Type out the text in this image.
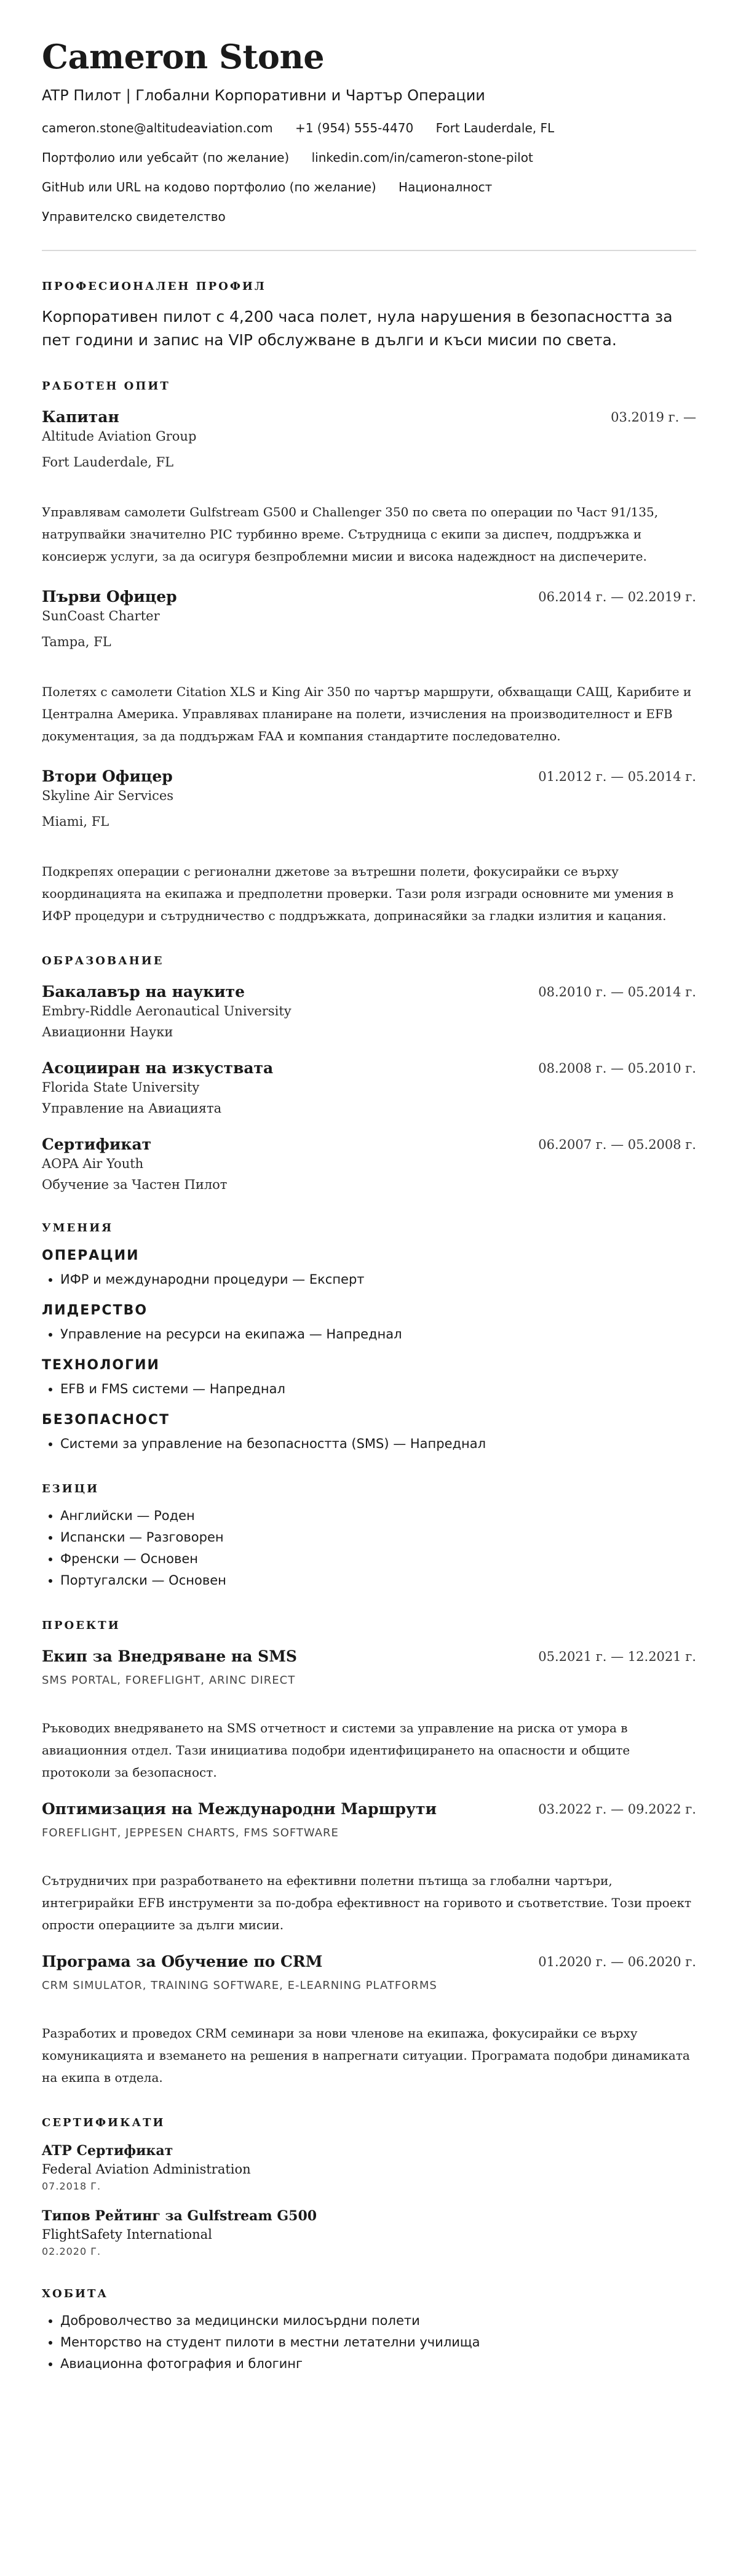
Cameron Stone
ATP Пилот | Глобални Корпоративни и Чартър Операции
cameron.stone@altitudeaviation.com +1 (954) 555-4470 Fort Lauderdale, FL
Портфолио или уебсайт (по желание) linkedin.com/in/cameron-stone-pilot
GitHub или URL на кодово портфолио (по желание) Националност
Управителско свидетелство
ПРОФЕСИОНАЛЕН ПРОФИЛ
Корпоративен пилот с 4,200 часа полет, нула нарушения в безопасността за пет години и запис на VIP обслужване в дълги и къси мисии по света.
РАБОТЕН ОПИТ
Капитан	03.2019 г. —
Altitude Aviation Group
Fort Lauderdale, FL
Управлявам самолети Gulfstream G500 и Challenger 350 по света по операции по Част 91/135, натрупвайки значително PIC турбинно време. Сътрудница с екипи за диспеч, поддръжка и консиерж услуги, за да осигуря безпроблемни мисии и висока надеждност на диспечерите.
Първи Офицер	06.2014 г. — 02.2019 г.
SunCoast Charter
Tampa, FL
Полетях с самолети Citation XLS и King Air 350 по чартър маршрути, обхващащи САЩ, Карибите и Централна Америка. Управлявах планиране на полети, изчисления на производителност и EFB документация, за да поддържам FAA и компания стандартите последователно.
Втори Офицер	01.2012 г. — 05.2014 г.
Skyline Air Services
Miami, FL
Подкрепях операции с регионални джетове за вътрешни полети, фокусирайки се върху координацията на екипажа и предполетни проверки. Тази роля изгради основните ми умения в ИФР процедури и сътрудничество с поддръжката, допринасяйки за гладки излития и кацания.
ОБРАЗОВАНИЕ
Бакалавър на науките	08.2010 г. — 05.2014 г.
Embry-Riddle Aeronautical University
Авиационни Науки
Асоцииран на изкуствата	08.2008 г. — 05.2010 г.
Florida State University
Управление на Авиацията
Сертификат	06.2007 г. — 05.2008 г.
AOPA Air Youth
Обучение за Частен Пилот
УМЕНИЯ
ОПЕРАЦИИ
• ИФР и международни процедури — Експерт
ЛИДЕРСТВО
• Управление на ресурси на екипажа — Напреднал
ТЕХНОЛОГИИ
• EFB и FMS системи — Напреднал
БЕЗОПАСНОСТ
• Системи за управление на безопасността (SMS) — Напреднал
ЕЗИЦИ
• Английски — Роден
• Испански — Разговорен
• Френски — Основен
• Португалски — Основен
ПРОЕКТИ
Екип за Внедряване на SMS	05.2021 г. — 12.2021 г.
SMS PORTAL, FOREFLIGHT, ARINC DIRECT
Ръководих внедряването на SMS отчетност и системи за управление на риска от умора в авиационния отдел. Тази инициатива подобри идентифицирането на опасности и общите протоколи за безопасност.
Оптимизация на Международни Маршрути	03.2022 г. — 09.2022 г.
FOREFLIGHT, JEPPESEN CHARTS, FMS SOFTWARE
Сътрудничих при разработването на ефективни полетни пътища за глобални чартъри, интегрирайки EFB инструменти за по-добра ефективност на горивото и съответствие. Този проект опрости операциите за дълги мисии.
Програма за Обучение по CRM	01.2020 г. — 06.2020 г.
CRM SIMULATOR, TRAINING SOFTWARE, E-LEARNING PLATFORMS
Разработих и проведох CRM семинари за нови членове на екипажа, фокусирайки се върху комуникацията и вземането на решения в напрегнати ситуации. Програмата подобри динамиката на екипа в отдела.
СЕРТИФИКАТИ
ATP Сертификат
Federal Aviation Administration
07.2018 Г.
Типов Рейтинг за Gulfstream G500
FlightSafety International
02.2020 Г.
ХОБИТА
• Доброволчество за медицински милосърдни полети
• Менторство на студент пилоти в местни летателни училища
• Авиационна фотография и блогинг
